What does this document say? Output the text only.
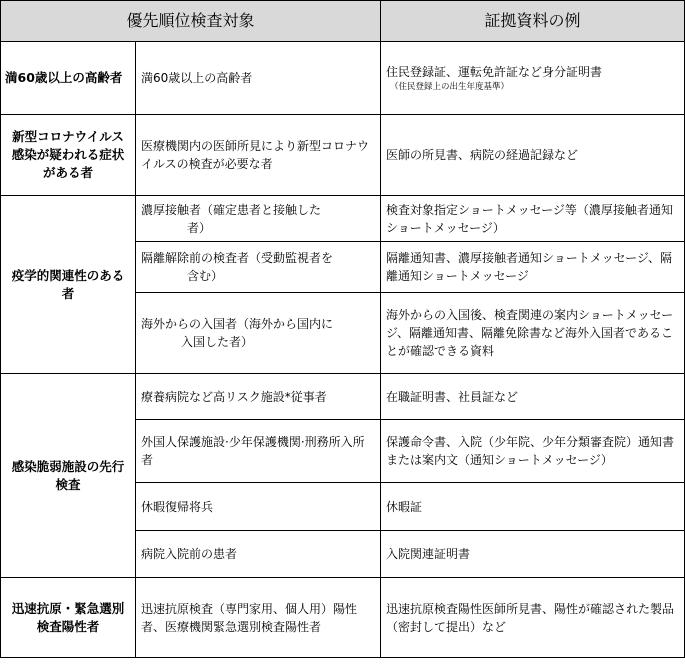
優先順位検査対象		証拠資料の例
満60歳以上の高齢者	満60歳以上の高齢者	住民登録証、運転免許証など身分証明書
（住民登録上の出生年度基準）

新型コロナウイルス感染が疑われる症状がある者	医療機関内の医師所見により新型コロナウイルスの検査が必要な者	医師の所見書、病院の経過記録など
疫学的関連性のある者	濃厚接触者（確定患者と接触した
者）	検査対象指定ショートメッセージ等（濃厚接触者通知ショートメッセージ）
	隔離解除前の検査者（受動監視者を
含む）	隔離通知書、濃厚接触者通知ショートメッセージ、隔離通知ショートメッセージ
	海外からの入国者（海外から国内に
入国した者）	海外からの入国後、検査関連の案内ショートメッセージ、隔離通知書、隔離免除書など海外入国者であることが確認できる資料
感染脆弱施設の先行検査	療養病院など高リスク施設*従事者	在職証明書、社員証など
	外国人保護施設·少年保護機関·刑務所入所者	保護命令書、入院（少年院、少年分類審査院）通知書または案内文（通知ショートメッセージ）
	休暇復帰将兵	休暇証
	病院入院前の患者	入院関連証明書
迅速抗原・緊急選別検査陽性者	迅速抗原検査（専門家用、個人用）陽性者、医療機関緊急選別検査陽性者	迅速抗原検査陽性医師所見書、陽性が確認された製品（密封して提出）など
